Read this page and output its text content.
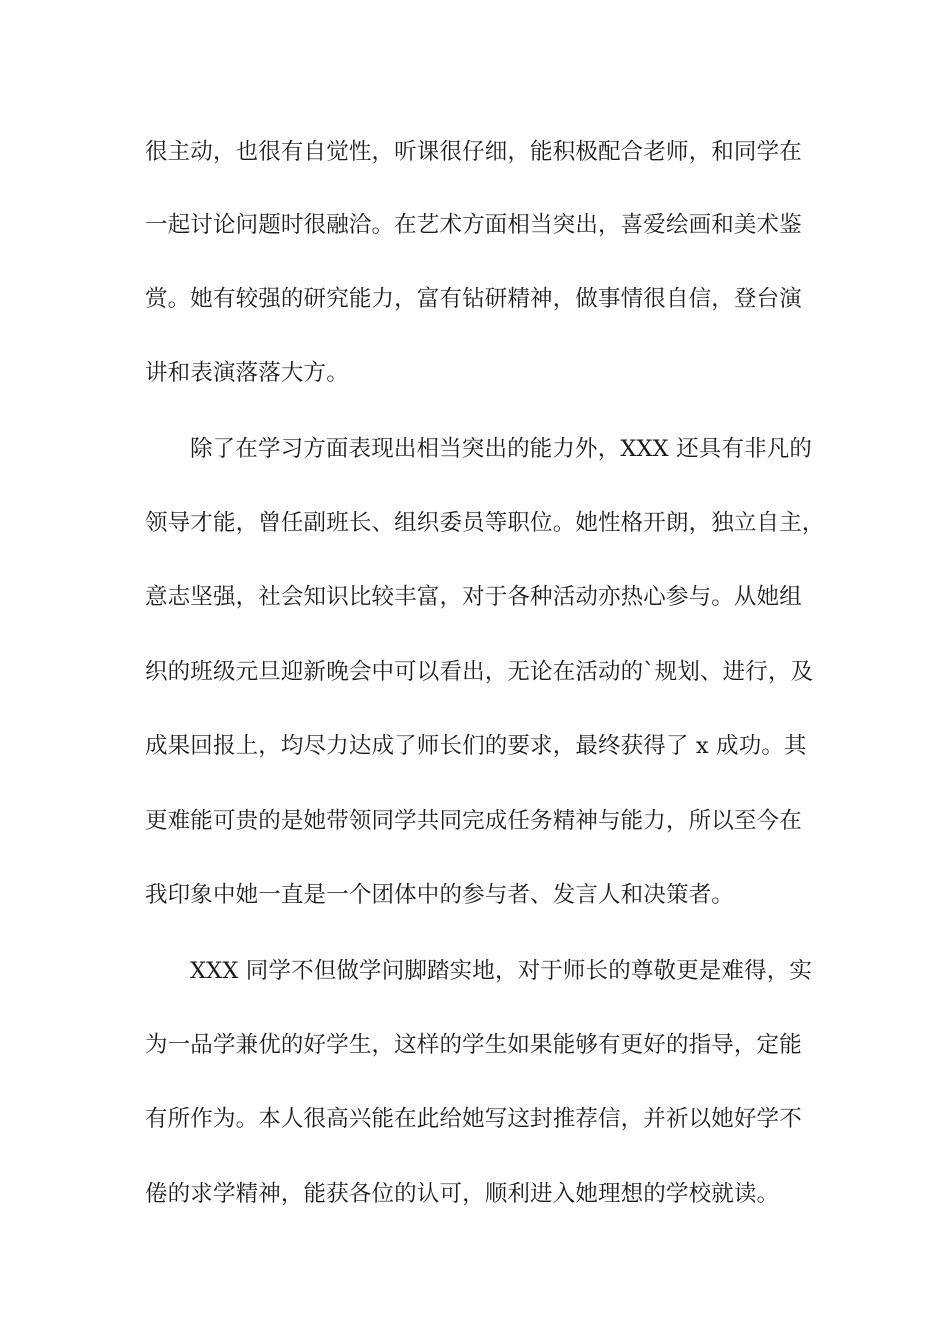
很主动，也很有自觉性，听课很仔细，能积极配合老师，和同学在
一起讨论问题时很融洽。在艺术方面相当突出，喜爱绘画和美术鉴
赏。她有较强的研究能力，富有钻研精神，做事情很自信，登台演
讲和表演落落大方。
除了在学习方面表现出相当突出的能力外，XXX 还具有非凡的
领导才能，曾任副班长、组织委员等职位。她性格开朗，独立自主，
意志坚强，社会知识比较丰富，对于各种活动亦热心参与。从她组
织的班级元旦迎新晚会中可以看出，无论在活动的`规划、进行，及
成果回报上，均尽力达成了师长们的要求，最终获得了 x 成功。其
更难能可贵的是她带领同学共同完成任务精神与能力，所以至今在
我印象中她一直是一个团体中的参与者、发言人和决策者。
XXX 同学不但做学问脚踏实地，对于师长的尊敬更是难得，实
为一品学兼优的好学生，这样的学生如果能够有更好的指导，定能
有所作为。本人很高兴能在此给她写这封推荐信，并祈以她好学不
倦的求学精神，能获各位的认可，顺利进入她理想的学校就读。
